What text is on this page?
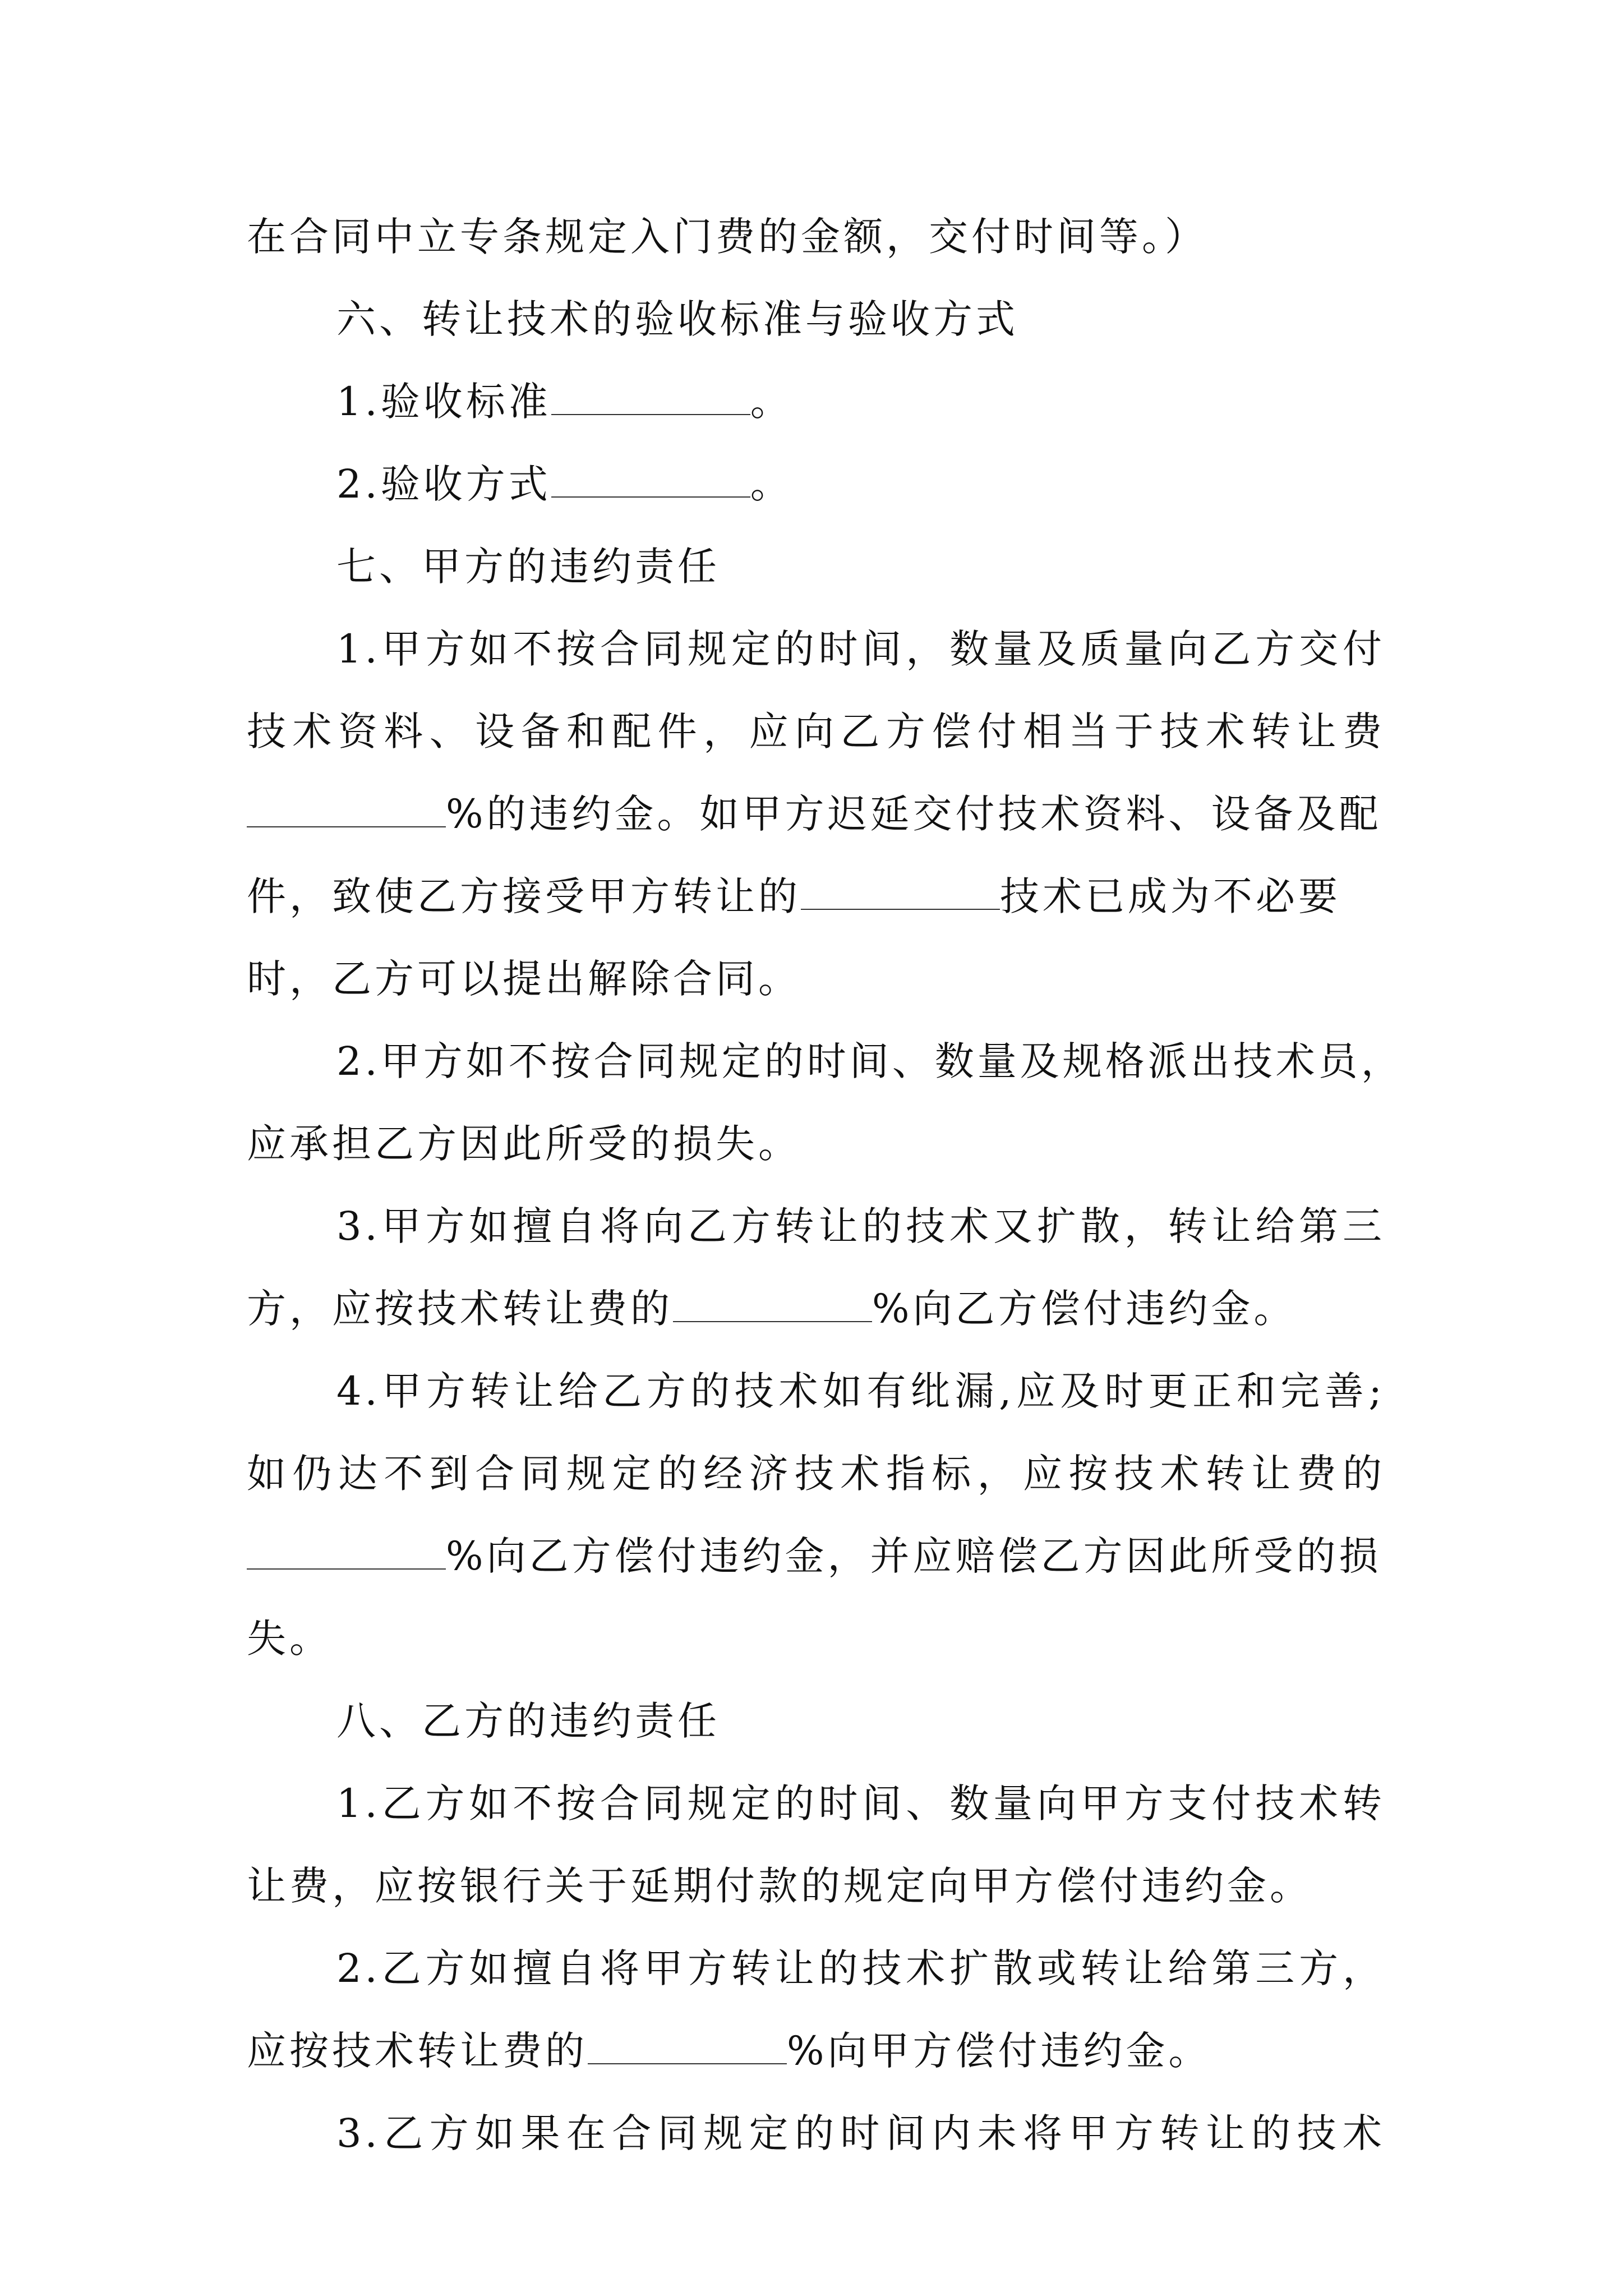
在合同中立专条规定入门费的金额，交付时间等。）
六、转让技术的验收标准与验收方式
1.验收标准	。
2.验收方式	。
七、甲方的违约责任
1.甲方如不按合同规定的时间，数量及质量向乙方交付
技术资料、设备和配件，应向乙方偿付相当于技术转让费
%的违约金。如甲方迟延交付技术资料、设备及配
件，致使乙方接受甲方转让的	技术已成为不必要
时，乙方可以提出解除合同。
2.甲方如不按合同规定的时间、数量及规格派出技术员，
应承担乙方因此所受的损失。
3.甲方如擅自将向乙方转让的技术又扩散，转让给第三
方，应按技术转让费的	%向乙方偿付违约金。
4.甲方转让给乙方的技术如有纰漏,应及时更正和完善;
如仍达不到合同规定的经济技术指标，应按技术转让费的
%向乙方偿付违约金，并应赔偿乙方因此所受的损
失。
八、乙方的违约责任
1.乙方如不按合同规定的时间、数量向甲方支付技术转
让费，应按银行关于延期付款的规定向甲方偿付违约金。
2.乙方如擅自将甲方转让的技术扩散或转让给第三方，
应按技术转让费的	%向甲方偿付违约金。
3.乙方如果在合同规定的时间内未将甲方转让的技术
